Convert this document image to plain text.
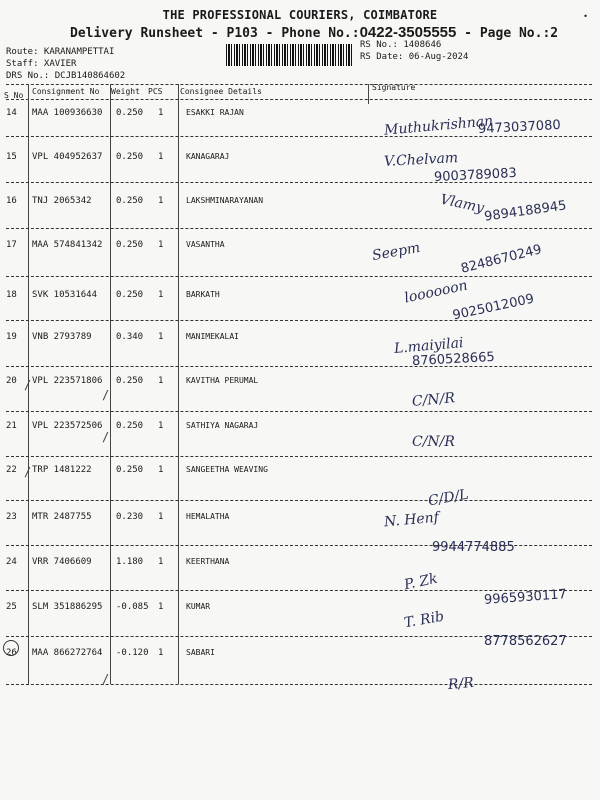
•
THE PROFESSIONAL COURIERS, COIMBATORE
Delivery Runsheet - P103 - Phone No.:0422-3505555 - Page No.:2
Route: KARANAMPETTAI
Staff: XAVIER
DRS No.: DCJB140864602
RS No.: 1408646
RS Date: 06-Aug-2024
S No Consignment No Weight PCS Consignee Details	Signature
14 MAA 100936630 0.250 1	ESAKKI RAJAN
Muthukrishnan
9473037080
15 VPL 404952637 0.250 1	KANAGARAJ	V.Chelvam
9003789083
16 TNJ 2065342	0.250 1	LAKSHMINARAYANAN	Vlamy
9894188945
17 MAA 574841342 0.250 1	VASANTHA	Seepm	8248670249
18 SVK 10531644 0.250 1	BARKATH	loooooon
9025012009
19 VNB 2793789	0.340 1	MANIMEKALAI	L.maiyilai
8760528665
20 VPL 223571806 0.250 1	KAVITHA PERUMAL
C/N/R
21 VPL 223572506 0.250 1	SATHIYA NAGARAJ
C/N/R
22 TRP 1481222	0.250 1	SANGEETHA WEAVING
C/D/L
23 MTR 2487755	0.230 1	HEMALATHA	N. Henf
9944774885
24 VRR 7406609	1.180 1	KEERTHANA
P. Zk
9965930117
25 SLM 351886295 -0.085 1	KUMAR
T. Rib
8778562627
26 MAA 866272764 -0.120 1	SABARI
R/R
/
/
/
/
/
